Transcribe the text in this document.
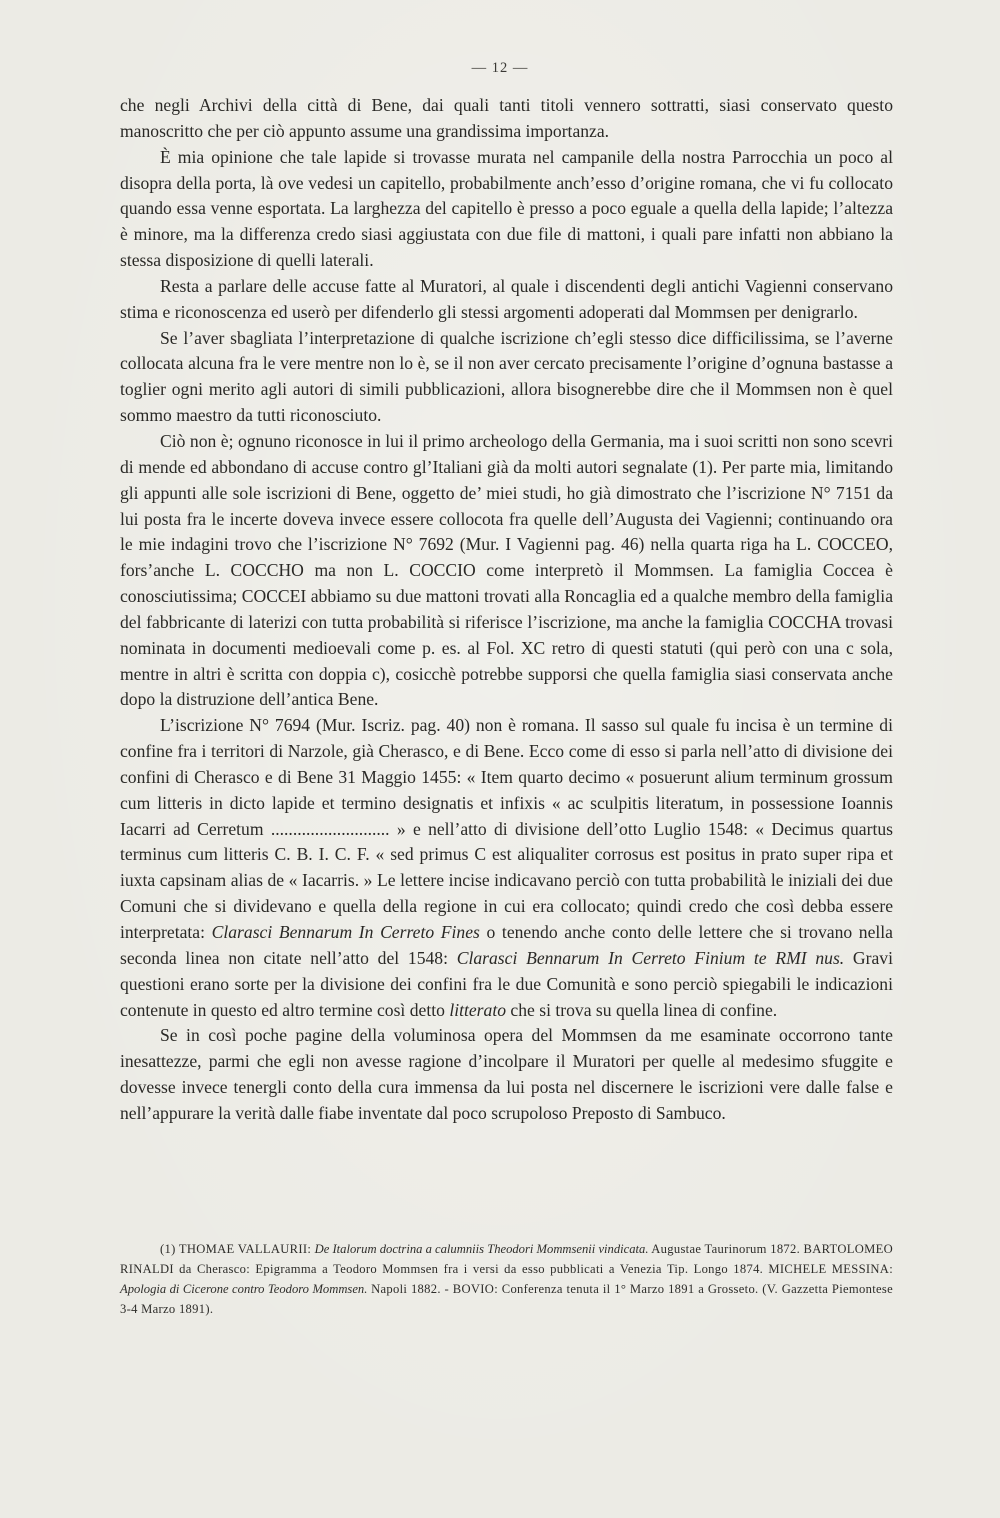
— 12 —

che negli Archivi della città di Bene, dai quali tanti titoli vennero sottratti, siasi conservato questo manoscritto che per ciò appunto assume una grandissima importanza.

È mia opinione che tale lapide si trovasse murata nel campanile della nostra Parrocchia un poco al disopra della porta, là ove vedesi un capitello, probabilmente anch’esso d’origine romana, che vi fu collocato quando essa venne esportata. La larghezza del capitello è presso a poco eguale a quella della lapide; l’altezza è minore, ma la differenza credo siasi aggiustata con due file di mattoni, i quali pare infatti non abbiano la stessa disposizione di quelli laterali.

Resta a parlare delle accuse fatte al Muratori, al quale i discendenti degli antichi Vagienni conservano stima e riconoscenza ed userò per difenderlo gli stessi argomenti adoperati dal Mommsen per denigrarlo.

Se l’aver sbagliata l’interpretazione di qualche iscrizione ch’egli stesso dice difficilissima, se l’averne collocata alcuna fra le vere mentre non lo è, se il non aver cercato precisamente l’origine d’ognuna bastasse a toglier ogni merito agli autori di simili pubblicazioni, allora bisognerebbe dire che il Mommsen non è quel sommo maestro da tutti riconosciuto.

Ciò non è; ognuno riconosce in lui il primo archeologo della Germania, ma i suoi scritti non sono scevri di mende ed abbondano di accuse contro gl’Italiani già da molti autori segnalate (1). Per parte mia, limitando gli appunti alle sole iscrizioni di Bene, oggetto de’ miei studi, ho già dimostrato che l’iscrizione N° 7151 da lui posta fra le incerte doveva invece essere collocota fra quelle dell’Augusta dei Vagienni; continuando ora le mie indagini trovo che l’iscrizione N° 7692 (Mur. I Vagienni pag. 46) nella quarta riga ha L. COCCEO, fors’anche L. COCCHO ma non L. COCCIO come interpretò il Mommsen. La famiglia Coccea è conosciutissima; COCCEI abbiamo su due mattoni trovati alla Roncaglia ed a qualche membro della famiglia del fabbricante di laterizi con tutta probabilità si riferisce l’iscrizione, ma anche la famiglia COCCHA trovasi nominata in documenti medioevali come p. es. al Fol. XC retro di questi statuti (qui però con una c sola, mentre in altri è scritta con doppia c), cosicchè potrebbe supporsi che quella famiglia siasi conservata anche dopo la distruzione dell’antica Bene.

L’iscrizione N° 7694 (Mur. Iscriz. pag. 40) non è romana. Il sasso sul quale fu incisa è un termine di confine fra i territori di Narzole, già Cherasco, e di Bene. Ecco come di esso si parla nell’atto di divisione dei confini di Cherasco e di Bene 31 Maggio 1455: « Item quarto decimo « posuerunt alium terminum grossum cum litteris in dicto lapide et termino designatis et infixis « ac sculpitis literatum, in possessione Ioannis Iacarri ad Cerretum ........................... » e nell’atto di divisione dell’otto Luglio 1548: « Decimus quartus terminus cum litteris C. B. I. C. F. « sed primus C est aliqualiter corrosus est positus in prato super ripa et iuxta capsinam alias de « Iacarris. » Le lettere incise indicavano perciò con tutta probabilità le iniziali dei due Comuni che si dividevano e quella della regione in cui era collocato; quindi credo che così debba essere interpretata: Clarasci Bennarum In Cerreto Fines o tenendo anche conto delle lettere che si trovano nella seconda linea non citate nell’atto del 1548: Clarasci Bennarum In Cerreto Finium te RMI nus. Gravi questioni erano sorte per la divisione dei confini fra le due Comunità e sono perciò spiegabili le indicazioni contenute in questo ed altro termine così detto litterato che si trova su quella linea di confine.

Se in così poche pagine della voluminosa opera del Mommsen da me esaminate occorrono tante inesattezze, parmi che egli non avesse ragione d’incolpare il Muratori per quelle al medesimo sfuggite e dovesse invece tenergli conto della cura immensa da lui posta nel discernere le iscrizioni vere dalle false e nell’appurare la verità dalle fiabe inventate dal poco scrupoloso Preposto di Sambuco.

(1) THOMAE VALLAURII: De Italorum doctrina a calumniis Theodori Mommsenii vindicata. Augustae Taurinorum 1872. BARTOLOMEO RINALDI da Cherasco: Epigramma a Teodoro Mommsen fra i versi da esso pubblicati a Venezia Tip. Longo 1874. MICHELE MESSINA: Apologia di Cicerone contro Teodoro Mommsen. Napoli 1882. - BOVIO: Conferenza tenuta il 1° Marzo 1891 a Grosseto. (V. Gazzetta Piemontese 3-4 Marzo 1891).
